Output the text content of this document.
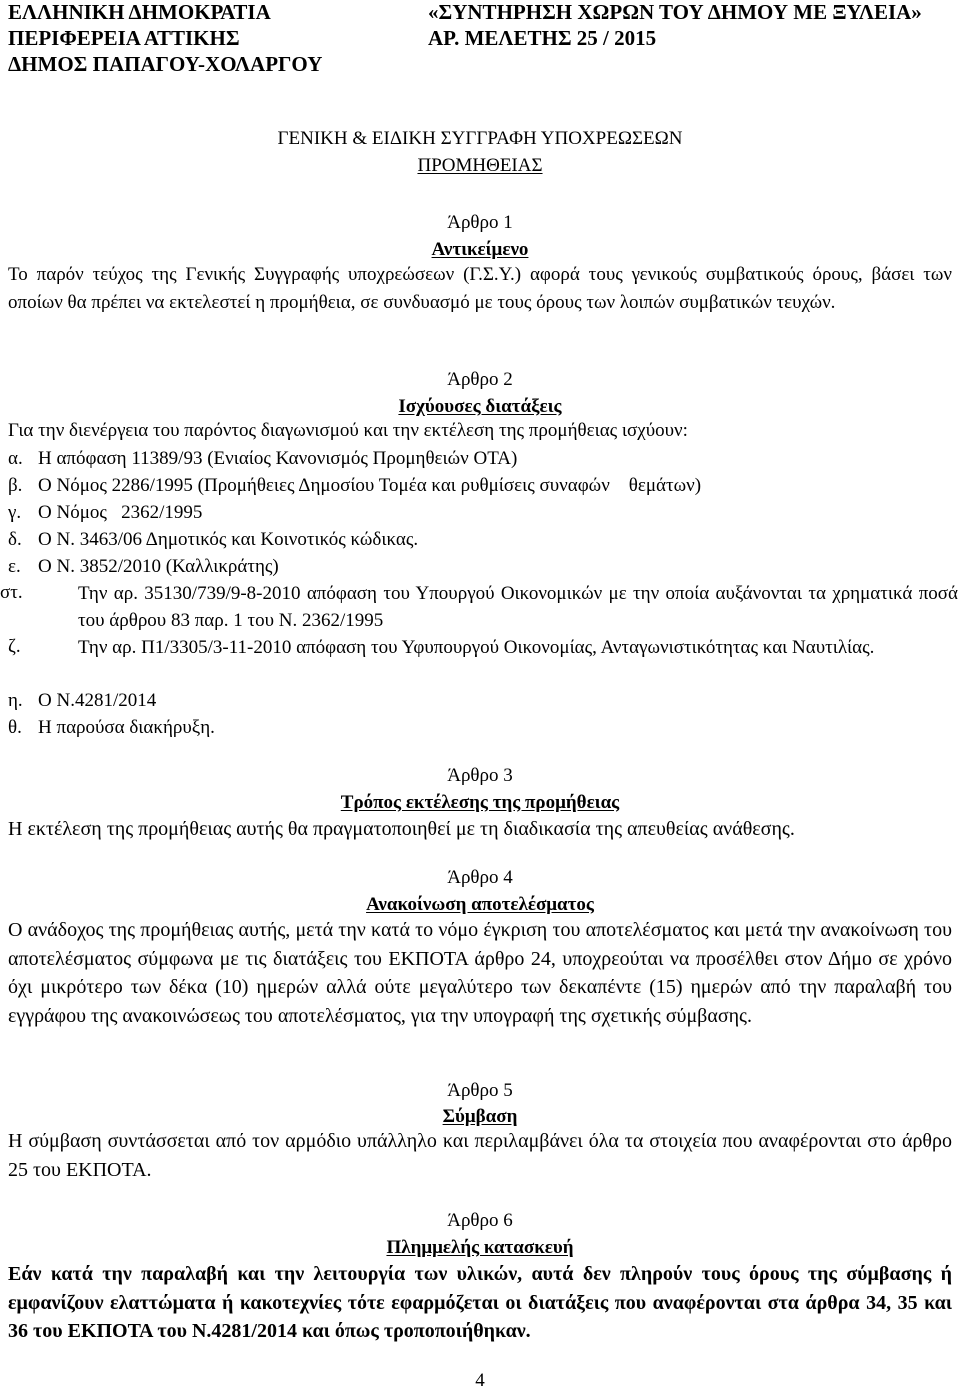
ΕΛΛΗΝΙΚΗ ΔΗΜΟΚΡΑΤΙΑ
ΠΕΡΙΦΕΡΕΙΑ ΑΤΤΙΚΗΣ
ΔΗΜΟΣ ΠΑΠΑΓΟΥ-ΧΟΛΑΡΓΟΥ
«ΣΥΝΤΗΡΗΣΗ ΧΩΡΩΝ ΤΟΥ ΔΗΜΟΥ ΜΕ ΞΥΛΕΙΑ»
ΑΡ. ΜΕΛΕΤΗΣ 25 / 2015
ΓΕΝΙΚΗ & ΕΙΔΙΚΗ ΣΥΓΓΡΑΦΗ ΥΠΟΧΡΕΩΣΕΩΝ
ΠΡΟΜΗΘΕΙΑΣ
Άρθρο 1
Αντικείμενο
Το παρόν τεύχος της Γενικής Συγγραφής υποχρεώσεων (Γ.Σ.Υ.) αφορά τους γενικούς συμβατικούς όρους, βάσει των οποίων θα πρέπει να εκτελεστεί η προμήθεια, σε συνδυασμό με τους όρους των λοιπών συμβατικών τευχών.
Άρθρο 2
Ισχύουσες διατάξεις
Για την διενέργεια του παρόντος διαγωνισμού και την εκτέλεση της προμήθειας ισχύουν:
α. Η απόφαση 11389/93 (Ενιαίος Κανονισμός Προμηθειών ΟΤΑ)
β. Ο Νόμος 2286/1995 (Προμήθειες Δημοσίου Τομέα και ρυθμίσεις συναφών    θεμάτων)
γ. Ο Νόμος   2362/1995
δ. Ο Ν. 3463/06 Δημοτικός και Κοινοτικός κώδικας.
ε. Ο Ν. 3852/2010 (Καλλικράτης)
στ.	Την αρ. 35130/739/9-8-2010 απόφαση του Υπουργού Οικονομικών με την οποία αυξάνονται τα χρηματικά ποσά του άρθρου 83 παρ. 1 του Ν. 2362/1995
ζ.	Την αρ. Π1/3305/3-11-2010 απόφαση του Υφυπουργού Οικονομίας, Ανταγωνιστικότητας και Ναυτιλίας.
η. Ο Ν.4281/2014
θ. Η παρούσα διακήρυξη.
Άρθρο 3
Τρόπος εκτέλεσης της προμήθειας
Η εκτέλεση της προμήθειας αυτής θα πραγματοποιηθεί με τη διαδικασία της απευθείας ανάθεσης.
Άρθρο 4
Ανακοίνωση αποτελέσματος
Ο ανάδοχος της προμήθειας αυτής, μετά την κατά το νόμο έγκριση του αποτελέσματος και μετά την ανακοίνωση του αποτελέσματος σύμφωνα με τις διατάξεις του ΕΚΠΟΤΑ άρθρο 24, υποχρεούται να προσέλθει στον Δήμο σε χρόνο όχι μικρότερο των δέκα (10) ημερών αλλά ούτε μεγαλύτερο των δεκαπέντε (15) ημερών από την παραλαβή του εγγράφου της ανακοινώσεως του αποτελέσματος, για την υπογραφή της σχετικής σύμβασης.
Άρθρο 5
Σύμβαση
Η σύμβαση συντάσσεται από τον αρμόδιο υπάλληλο και περιλαμβάνει όλα τα στοιχεία που αναφέρονται στο άρθρο 25 του ΕΚΠΟΤΑ.
Άρθρο 6
Πλημμελής κατασκευή
Εάν κατά την παραλαβή και την λειτουργία των υλικών, αυτά δεν πληρούν τους όρους της σύμβασης ή εμφανίζουν ελαττώματα ή κακοτεχνίες τότε εφαρμόζεται οι διατάξεις που αναφέρονται στα άρθρα 34, 35 και 36 του ΕΚΠΟΤΑ του Ν.4281/2014 και όπως τροποποιήθηκαν.
4
